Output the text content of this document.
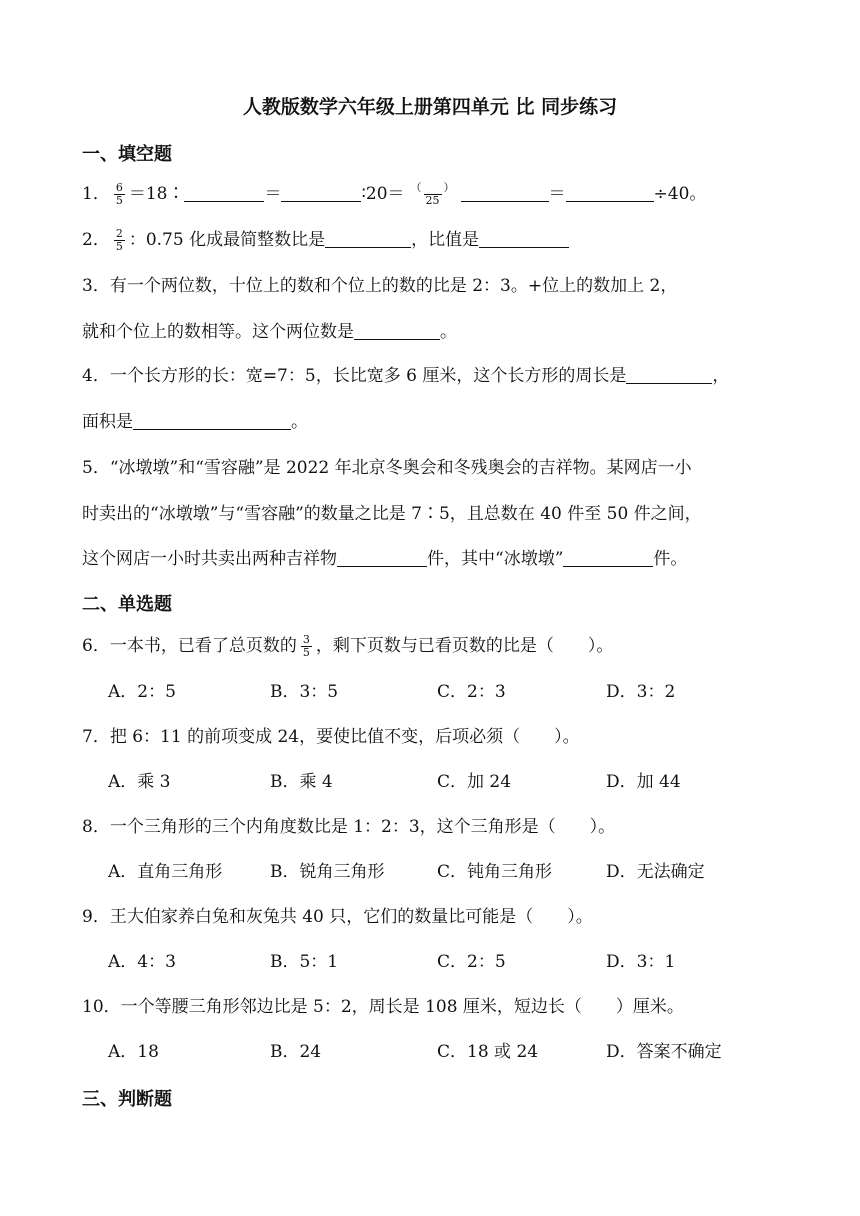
人教版数学六年级上册第四单元 比 同步练习
一、填空题
1． $\frac{6}{5}$ ＝18∶	＝	∶20＝ $\frac{( )}{25}$	＝	÷40。
2． $\frac{2}{5}$ ：0.75 化成最简整数比是	，比值是
3．有一个两位数，十位上的数和个位上的数的比是 2：3。+位上的数加上 2，
就和个位上的数相等。这个两位数是	。
4．一个长方形的长：宽=7：5，长比宽多 6 厘米，这个长方形的周长是	，
面积是	。
5．“冰墩墩”和“雪容融”是 2022 年北京冬奥会和冬残奥会的吉祥物。某网店一小
时卖出的“冰墩墩”与“雪容融”的数量之比是 7∶5，且总数在 40 件至 50 件之间，
这个网店一小时共卖出两种吉祥物	件，其中“冰墩墩”	件。
二、单选题
6．一本书，已看了总页数的 $\frac{3}{5}$ ，剩下页数与已看页数的比是（　　）。
A．2：5	B．3：5	C．2：3	D．3：2
7．把 6：11 的前项变成 24，要使比值不变，后项必须（　　）。
A．乘 3	B．乘 4	C．加 24	D．加 44
8．一个三角形的三个内角度数比是 1：2：3，这个三角形是（　　）。
A．直角三角形	B．锐角三角形	C．钝角三角形	D．无法确定
9．王大伯家养白兔和灰兔共 40 只，它们的数量比可能是（　　）。
A．4：3	B．5：1	C．2：5	D．3：1
10．一个等腰三角形邻边比是 5：2，周长是 108 厘米，短边长（　　）厘米。
A．18	B．24	C．18 或 24	D．答案不确定
三、判断题
